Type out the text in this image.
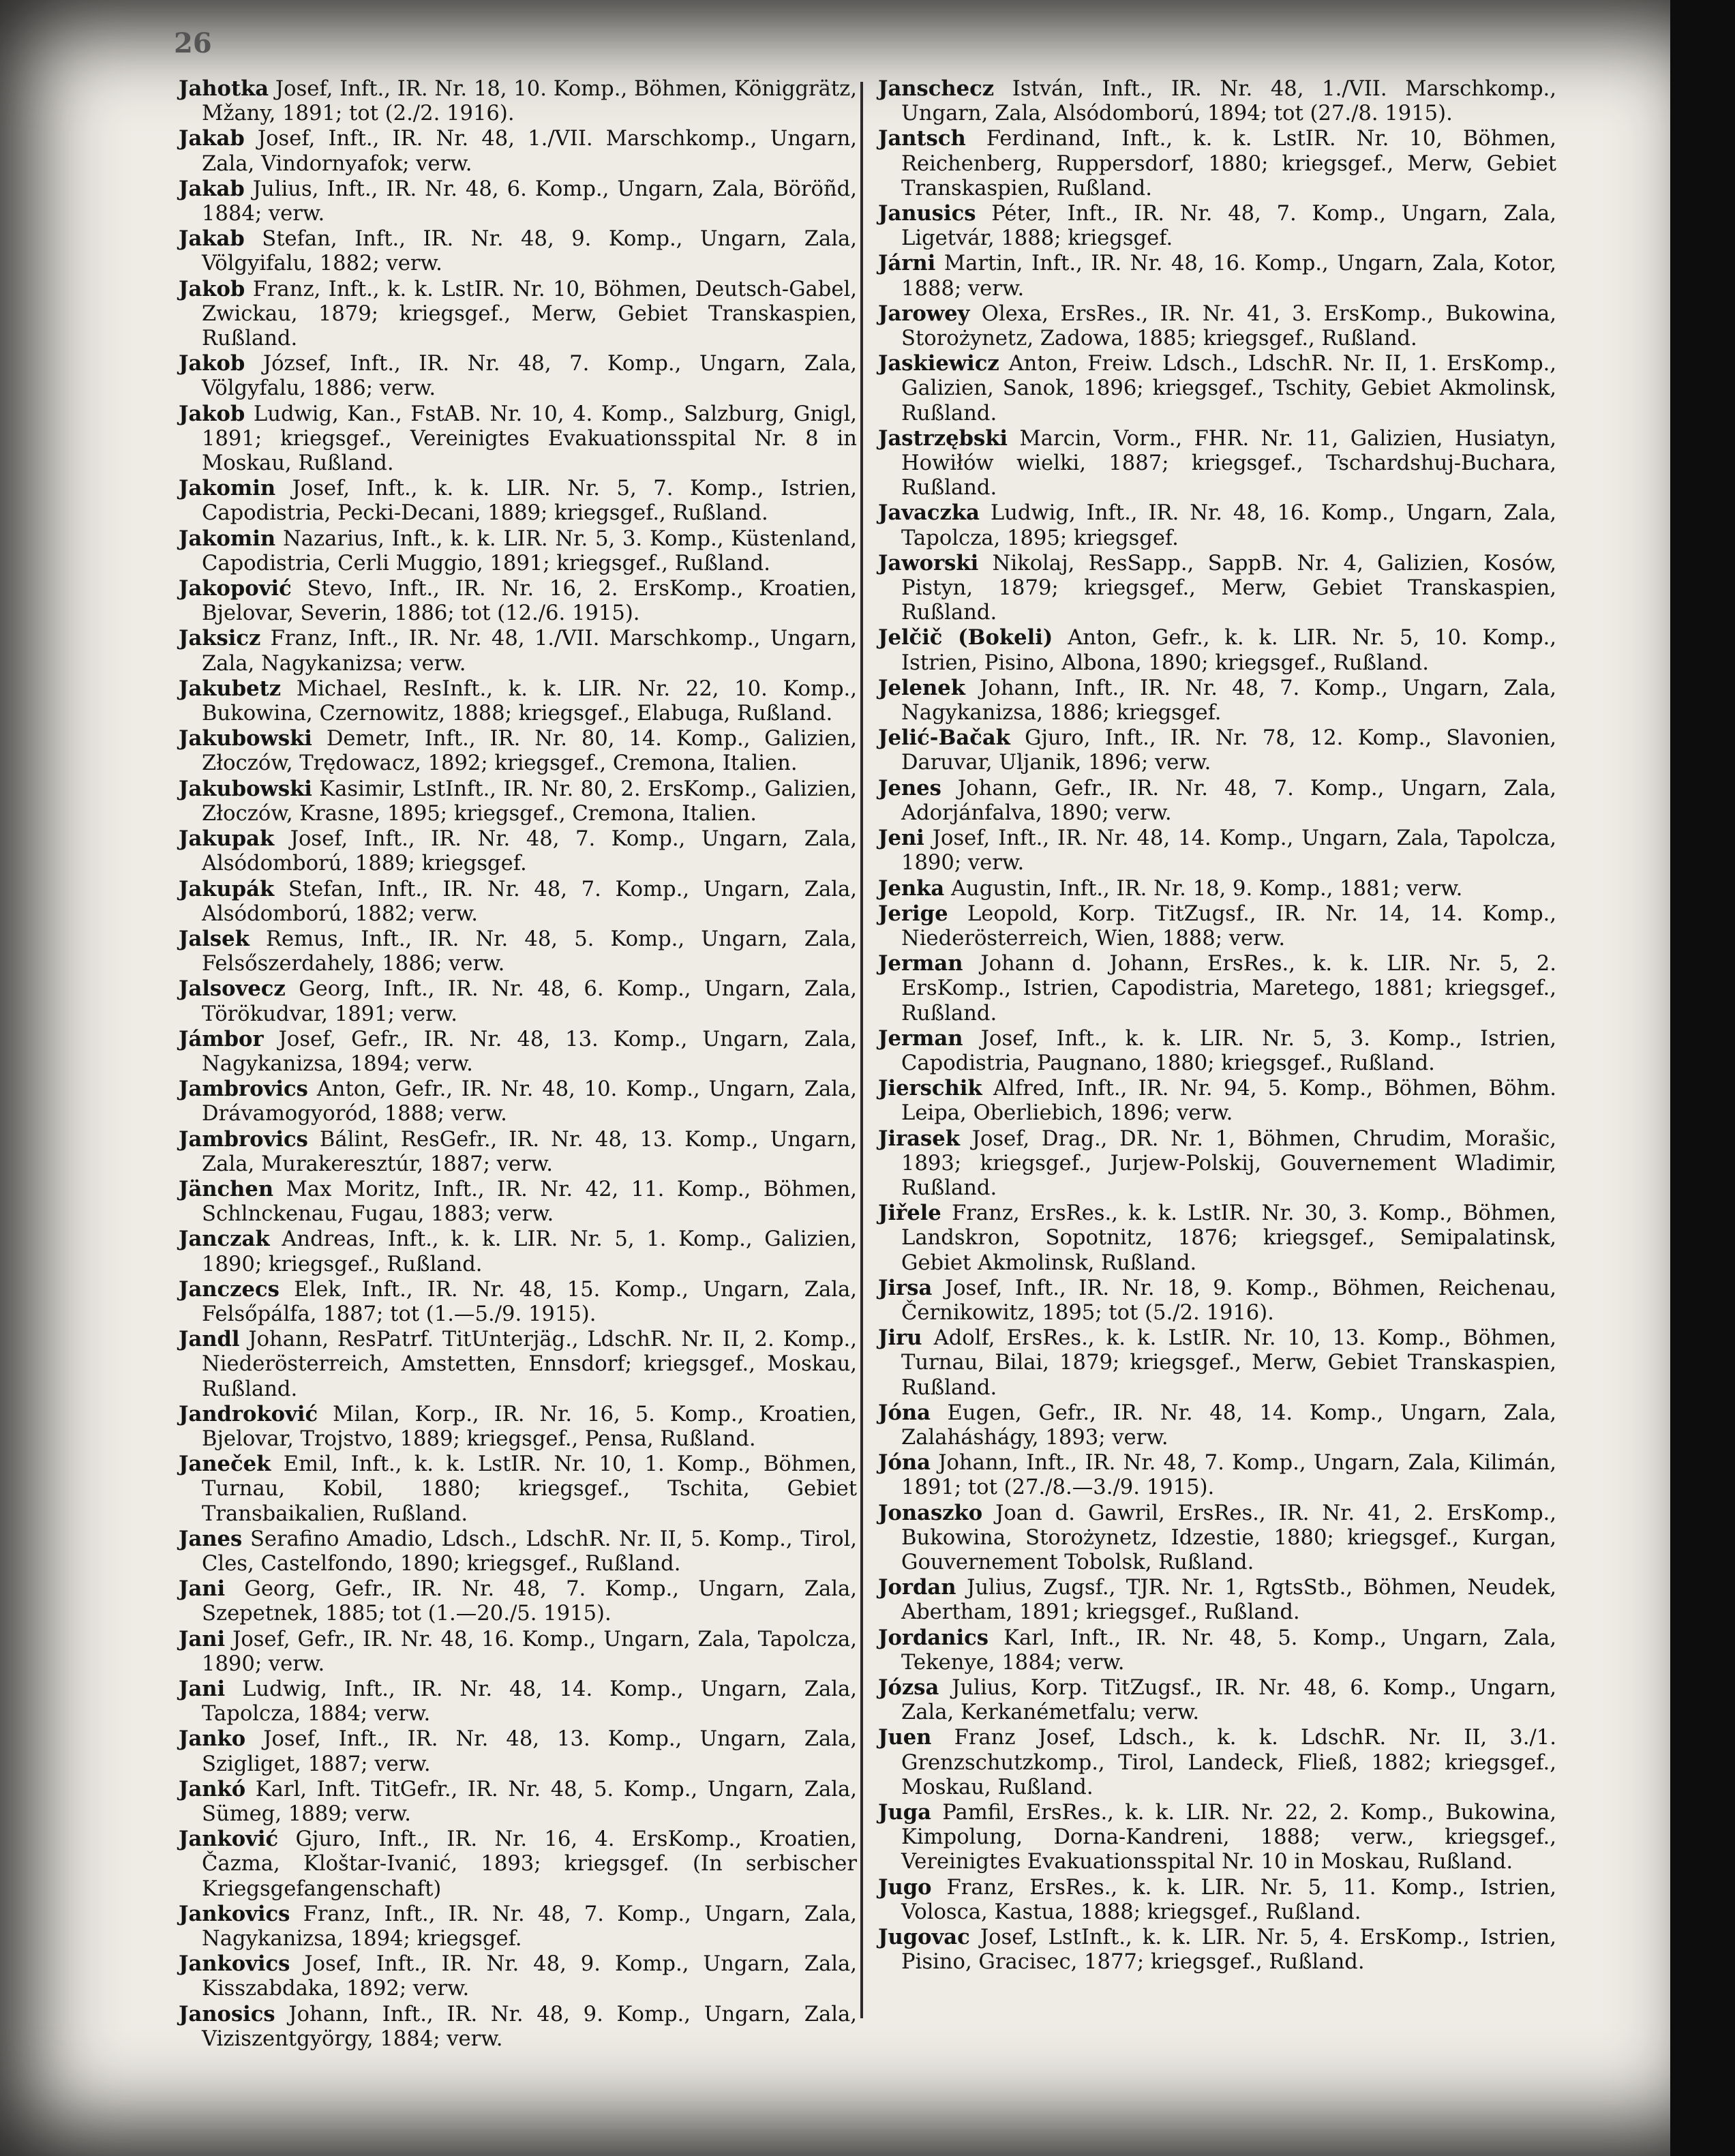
26

Jahotka Josef, Inft., IR. Nr. 18, 10. Komp., Böhmen, Königgrätz, Mžany, 1891; tot (2./2. 1916).

Jakab Josef, Inft., IR. Nr. 48, 1./VII. Marschkomp., Ungarn, Zala, Vindornyafok; verw.

Jakab Julius, Inft., IR. Nr. 48, 6. Komp., Ungarn, Zala, Böröñd, 1884; verw.

Jakab Stefan, Inft., IR. Nr. 48, 9. Komp., Ungarn, Zala, Völgyifalu, 1882; verw.

Jakob Franz, Inft., k. k. LstIR. Nr. 10, Böhmen, Deutsch-Gabel, Zwickau, 1879; kriegsgef., Merw, Gebiet Transkaspien, Rußland.

Jakob József, Inft., IR. Nr. 48, 7. Komp., Ungarn, Zala, Völgyfalu, 1886; verw.

Jakob Ludwig, Kan., FstAB. Nr. 10, 4. Komp., Salzburg, Gnigl, 1891; kriegsgef., Vereinigtes Evakuationsspital Nr. 8 in Moskau, Rußland.

Jakomin Josef, Inft., k. k. LIR. Nr. 5, 7. Komp., Istrien, Capodistria, Pecki-Decani, 1889; kriegsgef., Rußland.

Jakomin Nazarius, Inft., k. k. LIR. Nr. 5, 3. Komp., Küstenland, Capodistria, Cerli Muggio, 1891; kriegsgef., Rußland.

Jakopović Stevo, Inft., IR. Nr. 16, 2. ErsKomp., Kroatien, Bjelovar, Severin, 1886; tot (12./6. 1915).

Jaksicz Franz, Inft., IR. Nr. 48, 1./VII. Marschkomp., Ungarn, Zala, Nagykanizsa; verw.

Jakubetz Michael, ResInft., k. k. LIR. Nr. 22, 10. Komp., Bukowina, Czernowitz, 1888; kriegsgef., Elabuga, Rußland.

Jakubowski Demetr, Inft., IR. Nr. 80, 14. Komp., Galizien, Złoczów, Trędowacz, 1892; kriegsgef., Cremona, Italien.

Jakubowski Kasimir, LstInft., IR. Nr. 80, 2. ErsKomp., Galizien, Złoczów, Krasne, 1895; kriegsgef., Cremona, Italien.

Jakupak Josef, Inft., IR. Nr. 48, 7. Komp., Ungarn, Zala, Alsódomború, 1889; kriegsgef.

Jakupák Stefan, Inft., IR. Nr. 48, 7. Komp., Ungarn, Zala, Alsódomború, 1882; verw.

Jalsek Remus, Inft., IR. Nr. 48, 5. Komp., Ungarn, Zala, Felsőszerdahely, 1886; verw.

Jalsovecz Georg, Inft., IR. Nr. 48, 6. Komp., Ungarn, Zala, Törökudvar, 1891; verw.

Jámbor Josef, Gefr., IR. Nr. 48, 13. Komp., Ungarn, Zala, Nagykanizsa, 1894; verw.

Jambrovics Anton, Gefr., IR. Nr. 48, 10. Komp., Ungarn, Zala, Drávamogyoród, 1888; verw.

Jambrovics Bálint, ResGefr., IR. Nr. 48, 13. Komp., Ungarn, Zala, Murakeresztúr, 1887; verw.

Jänchen Max Moritz, Inft., IR. Nr. 42, 11. Komp., Böhmen, Schlnckenau, Fugau, 1883; verw.

Janczak Andreas, Inft., k. k. LIR. Nr. 5, 1. Komp., Galizien, 1890; kriegsgef., Rußland.

Janczecs Elek, Inft., IR. Nr. 48, 15. Komp., Ungarn, Zala, Felsőpálfa, 1887; tot (1.—5./9. 1915).

Jandl Johann, ResPatrf. TitUnterjäg., LdschR. Nr. II, 2. Komp., Niederösterreich, Amstetten, Ennsdorf; kriegsgef., Moskau, Rußland.

Jandroković Milan, Korp., IR. Nr. 16, 5. Komp., Kroatien, Bjelovar, Trojstvo, 1889; kriegsgef., Pensa, Rußland.

Janeček Emil, Inft., k. k. LstIR. Nr. 10, 1. Komp., Böhmen, Turnau, Kobil, 1880; kriegsgef., Tschita, Gebiet Transbaikalien, Rußland.

Janes Serafino Amadio, Ldsch., LdschR. Nr. II, 5. Komp., Tirol, Cles, Castelfondo, 1890; kriegsgef., Rußland.

Jani Georg, Gefr., IR. Nr. 48, 7. Komp., Ungarn, Zala, Szepetnek, 1885; tot (1.—20./5. 1915).

Jani Josef, Gefr., IR. Nr. 48, 16. Komp., Ungarn, Zala, Tapolcza, 1890; verw.

Jani Ludwig, Inft., IR. Nr. 48, 14. Komp., Ungarn, Zala, Tapolcza, 1884; verw.

Janko Josef, Inft., IR. Nr. 48, 13. Komp., Ungarn, Zala, Szigliget, 1887; verw.

Jankó Karl, Inft. TitGefr., IR. Nr. 48, 5. Komp., Ungarn, Zala, Sümeg, 1889; verw.

Janković Gjuro, Inft., IR. Nr. 16, 4. ErsKomp., Kroatien, Čazma, Kloštar-Ivanić, 1893; kriegsgef. (In serbischer Kriegsgefangenschaft)

Jankovics Franz, Inft., IR. Nr. 48, 7. Komp., Ungarn, Zala, Nagykanizsa, 1894; kriegsgef.

Jankovics Josef, Inft., IR. Nr. 48, 9. Komp., Ungarn, Zala, Kisszabdaka, 1892; verw.

Janosics Johann, Inft., IR. Nr. 48, 9. Komp., Ungarn, Zala, Viziszentgyörgy, 1884; verw.

Janschecz István, Inft., IR. Nr. 48, 1./VII. Marschkomp., Ungarn, Zala, Alsódomború, 1894; tot (27./8. 1915).

Jantsch Ferdinand, Inft., k. k. LstIR. Nr. 10, Böhmen, Reichenberg, Ruppersdorf, 1880; kriegsgef., Merw, Gebiet Transkaspien, Rußland.

Janusics Péter, Inft., IR. Nr. 48, 7. Komp., Ungarn, Zala, Ligetvár, 1888; kriegsgef.

Járni Martin, Inft., IR. Nr. 48, 16. Komp., Ungarn, Zala, Kotor, 1888; verw.

Jarowey Olexa, ErsRes., IR. Nr. 41, 3. ErsKomp., Bukowina, Storożynetz, Zadowa, 1885; kriegsgef., Rußland.

Jaskiewicz Anton, Freiw. Ldsch., LdschR. Nr. II, 1. ErsKomp., Galizien, Sanok, 1896; kriegsgef., Tschity, Gebiet Akmolinsk, Rußland.

Jastrzębski Marcin, Vorm., FHR. Nr. 11, Galizien, Husiatyn, Howiłów wielki, 1887; kriegsgef., Tschardshuj-Buchara, Rußland.

Javaczka Ludwig, Inft., IR. Nr. 48, 16. Komp., Ungarn, Zala, Tapolcza, 1895; kriegsgef.

Jaworski Nikolaj, ResSapp., SappB. Nr. 4, Galizien, Kosów, Pistyn, 1879; kriegsgef., Merw, Gebiet Transkaspien, Rußland.

Jelčič (Bokeli) Anton, Gefr., k. k. LIR. Nr. 5, 10. Komp., Istrien, Pisino, Albona, 1890; kriegsgef., Rußland.

Jelenek Johann, Inft., IR. Nr. 48, 7. Komp., Ungarn, Zala, Nagykanizsa, 1886; kriegsgef.

Jelić-Bačak Gjuro, Inft., IR. Nr. 78, 12. Komp., Slavonien, Daruvar, Uljanik, 1896; verw.

Jenes Johann, Gefr., IR. Nr. 48, 7. Komp., Ungarn, Zala, Adorjánfalva, 1890; verw.

Jeni Josef, Inft., IR. Nr. 48, 14. Komp., Ungarn, Zala, Tapolcza, 1890; verw.

Jenka Augustin, Inft., IR. Nr. 18, 9. Komp., 1881; verw.

Jerige Leopold, Korp. TitZugsf., IR. Nr. 14, 14. Komp., Niederösterreich, Wien, 1888; verw.

Jerman Johann d. Johann, ErsRes., k. k. LIR. Nr. 5, 2. ErsKomp., Istrien, Capodistria, Maretego, 1881; kriegsgef., Rußland.

Jerman Josef, Inft., k. k. LIR. Nr. 5, 3. Komp., Istrien, Capodistria, Paugnano, 1880; kriegsgef., Rußland.

Jierschik Alfred, Inft., IR. Nr. 94, 5. Komp., Böhmen, Böhm. Leipa, Oberliebich, 1896; verw.

Jirasek Josef, Drag., DR. Nr. 1, Böhmen, Chrudim, Morašic, 1893; kriegsgef., Jurjew-Polskij, Gouvernement Wladimir, Rußland.

Jiřele Franz, ErsRes., k. k. LstIR. Nr. 30, 3. Komp., Böhmen, Landskron, Sopotnitz, 1876; kriegsgef., Semipalatinsk, Gebiet Akmolinsk, Rußland.

Jirsa Josef, Inft., IR. Nr. 18, 9. Komp., Böhmen, Reichenau, Černikowitz, 1895; tot (5./2. 1916).

Jiru Adolf, ErsRes., k. k. LstIR. Nr. 10, 13. Komp., Böhmen, Turnau, Bilai, 1879; kriegsgef., Merw, Gebiet Transkaspien, Rußland.

Jóna Eugen, Gefr., IR. Nr. 48, 14. Komp., Ungarn, Zala, Zalaháshágy, 1893; verw.

Jóna Johann, Inft., IR. Nr. 48, 7. Komp., Ungarn, Zala, Kilimán, 1891; tot (27./8.—3./9. 1915).

Jonaszko Joan d. Gawril, ErsRes., IR. Nr. 41, 2. ErsKomp., Bukowina, Storożynetz, Idzestie, 1880; kriegsgef., Kurgan, Gouvernement Tobolsk, Rußland.

Jordan Julius, Zugsf., TJR. Nr. 1, RgtsStb., Böhmen, Neudek, Abertham, 1891; kriegsgef., Rußland.

Jordanics Karl, Inft., IR. Nr. 48, 5. Komp., Ungarn, Zala, Tekenye, 1884; verw.

Józsa Julius, Korp. TitZugsf., IR. Nr. 48, 6. Komp., Ungarn, Zala, Kerkanémetfalu; verw.

Juen Franz Josef, Ldsch., k. k. LdschR. Nr. II, 3./1. Grenzschutzkomp., Tirol, Landeck, Fließ, 1882; kriegsgef., Moskau, Rußland.

Juga Pamfil, ErsRes., k. k. LIR. Nr. 22, 2. Komp., Bukowina, Kimpolung, Dorna-Kandreni, 1888; verw., kriegsgef., Vereinigtes Evakuationsspital Nr. 10 in Moskau, Rußland.

Jugo Franz, ErsRes., k. k. LIR. Nr. 5, 11. Komp., Istrien, Volosca, Kastua, 1888; kriegsgef., Rußland.

Jugovac Josef, LstInft., k. k. LIR. Nr. 5, 4. ErsKomp., Istrien, Pisino, Gracisec, 1877; kriegsgef., Rußland.
